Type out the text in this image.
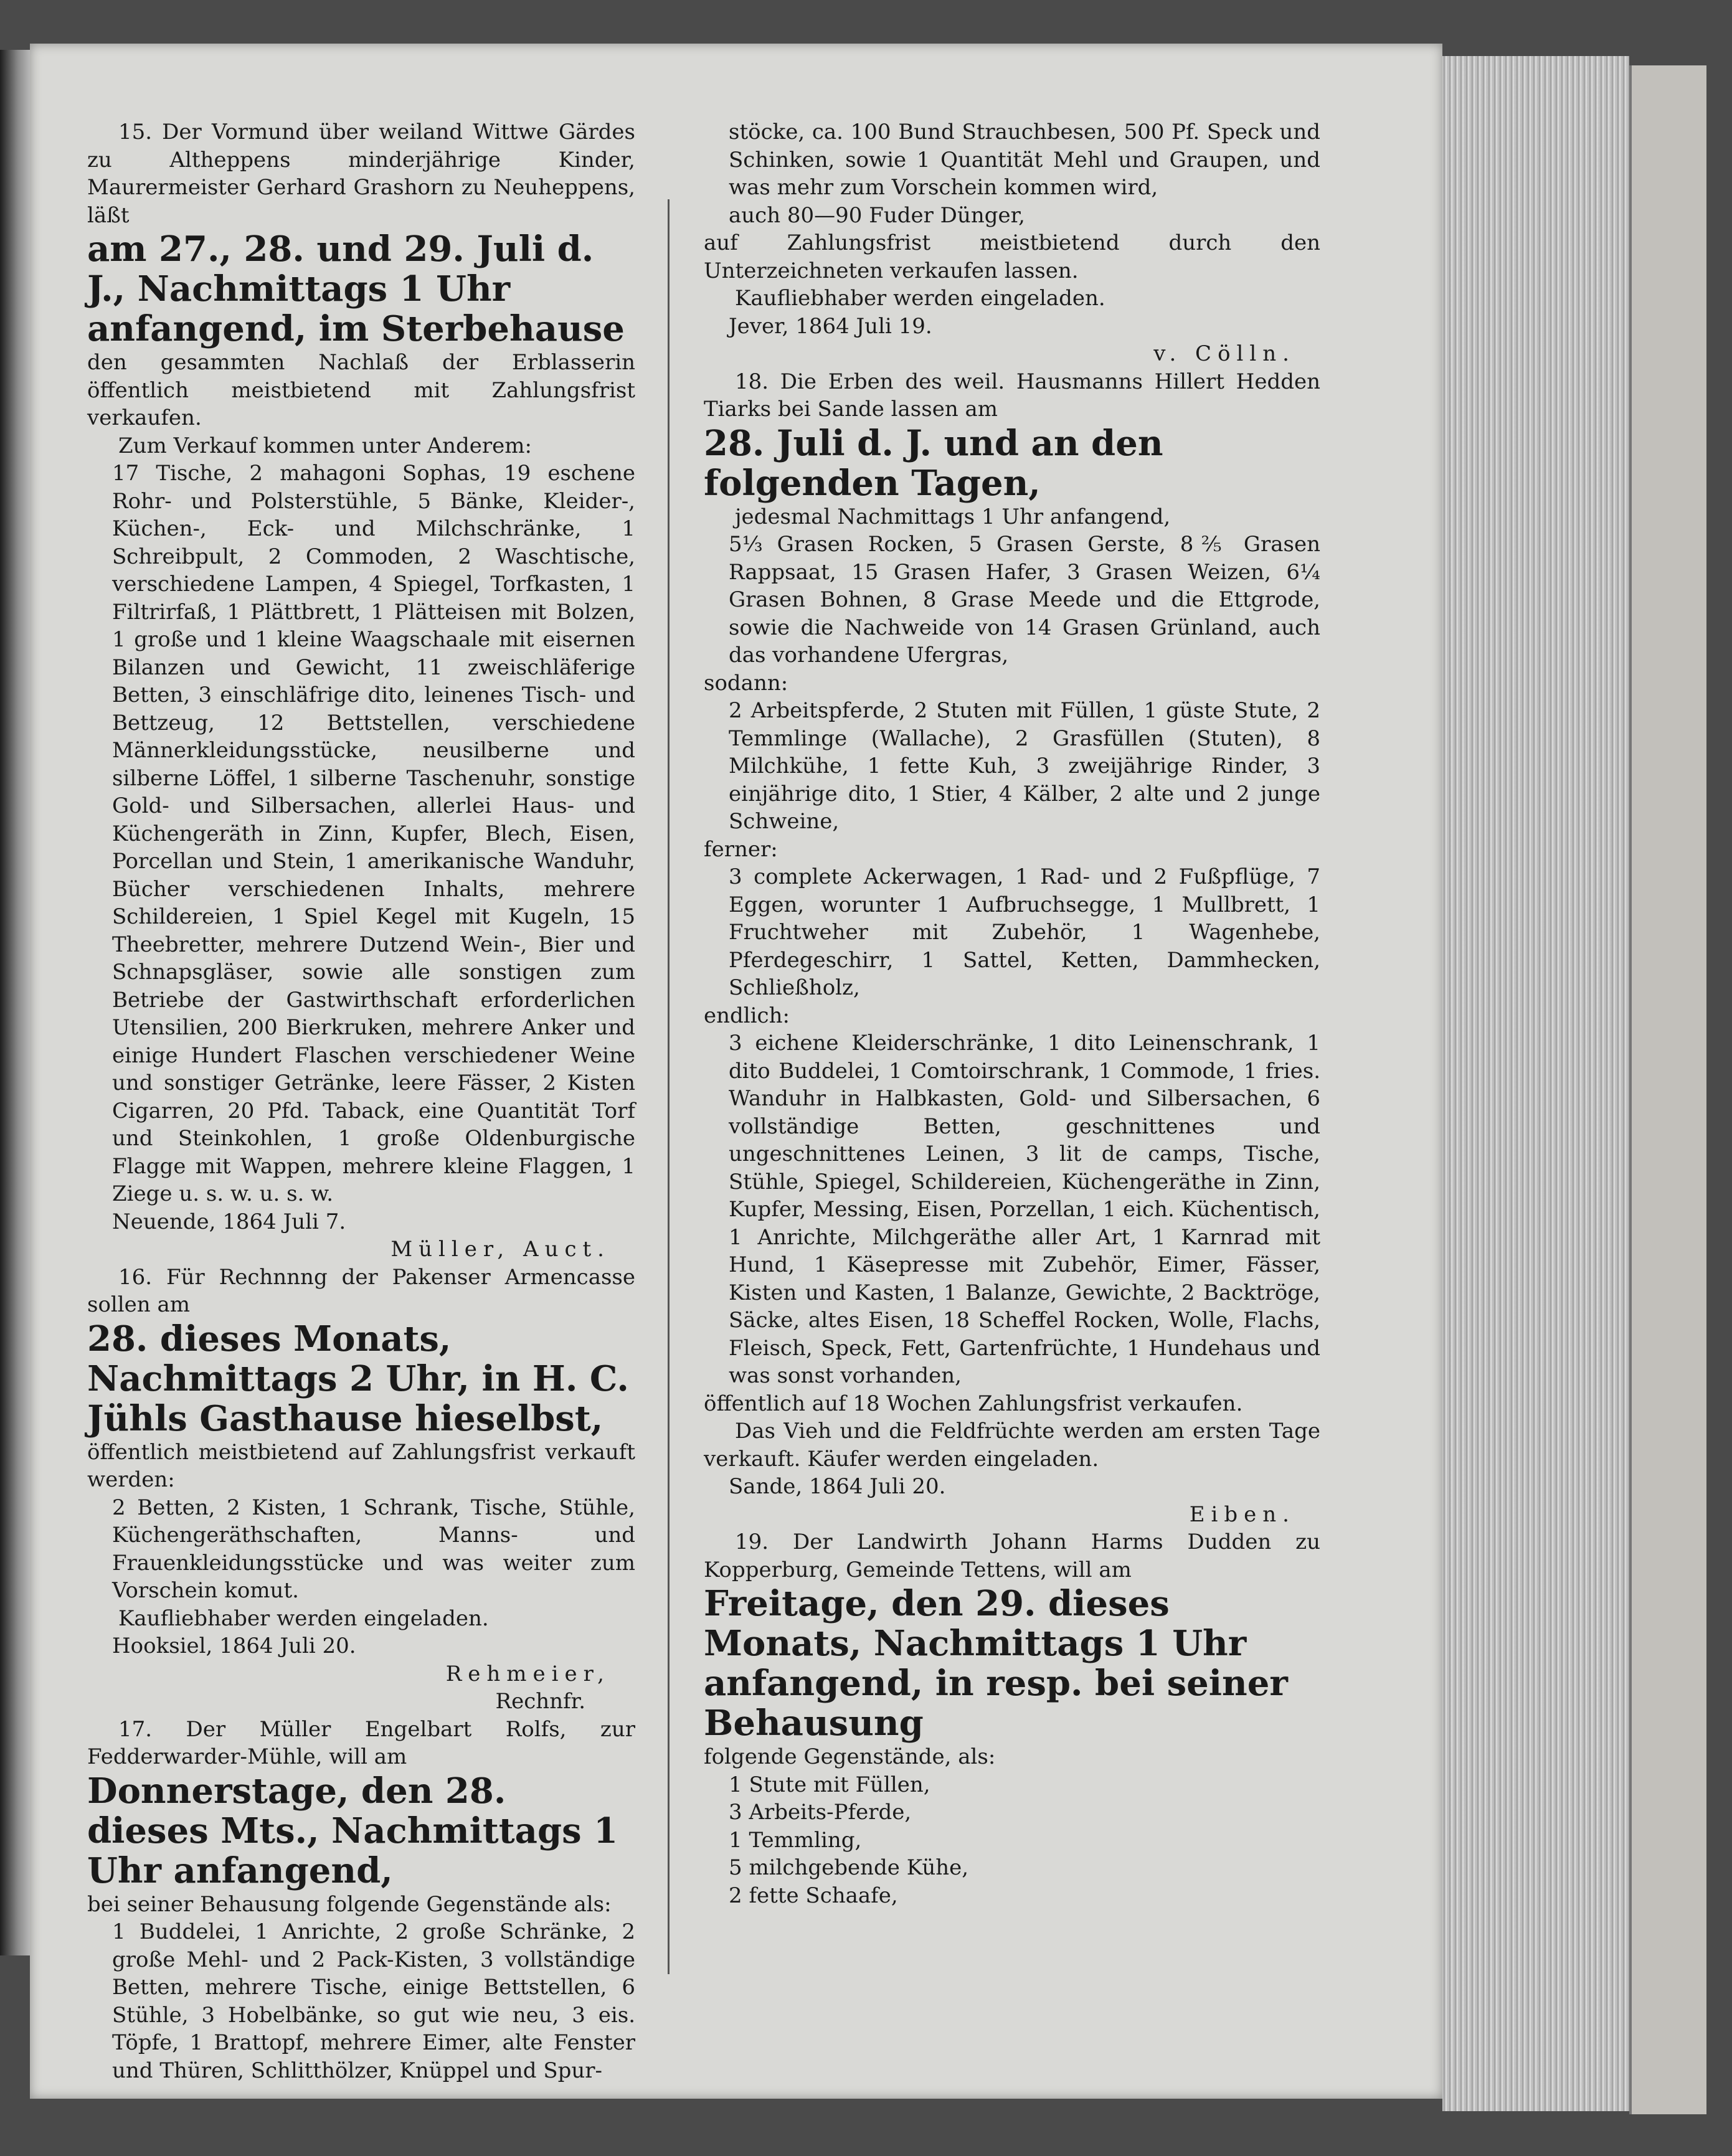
15. Der Vormund über weiland Wittwe Gärdes zu Altheppens minderjährige Kinder, Maurermeister Gerhard Grashorn zu Neuheppens, läßt

am 27., 28. und 29. Juli d. J., Nachmittags 1 Uhr anfangend, im Sterbehause

den gesammten Nachlaß der Erblasserin öffentlich meistbietend mit Zahlungsfrist verkaufen.

Zum Verkauf kommen unter Anderem:

17 Tische, 2 mahagoni Sophas, 19 eschene Rohr- und Polsterstühle, 5 Bänke, Kleider-, Küchen-, Eck- und Milchschränke, 1 Schreibpult, 2 Commoden, 2 Waschtische, verschiedene Lampen, 4 Spiegel, Torfkasten, 1 Filtrirfaß, 1 Plättbrett, 1 Plätteisen mit Bolzen, 1 große und 1 kleine Waagschaale mit eisernen Bilanzen und Gewicht, 11 zweischläferige Betten, 3 einschläfrige dito, leinenes Tisch- und Bettzeug, 12 Bettstellen, verschiedene Männerkleidungsstücke, neusilberne und silberne Löffel, 1 silberne Taschenuhr, sonstige Gold- und Silbersachen, allerlei Haus- und Küchengeräth in Zinn, Kupfer, Blech, Eisen, Porcellan und Stein, 1 amerikanische Wanduhr, Bücher verschiedenen Inhalts, mehrere Schildereien, 1 Spiel Kegel mit Kugeln, 15 Theebretter, mehrere Dutzend Wein-, Bier und Schnapsgläser, sowie alle sonstigen zum Betriebe der Gastwirthschaft erforderlichen Utensilien, 200 Bierkruken, mehrere Anker und einige Hundert Flaschen verschiedener Weine und sonstiger Getränke, leere Fässer, 2 Kisten Cigarren, 20 Pfd. Taback, eine Quantität Torf und Steinkohlen, 1 große Oldenburgische Flagge mit Wappen, mehrere kleine Flaggen, 1 Ziege u. s. w. u. s. w.

Neuende, 1864 Juli 7.

Müller, Auct.

16. Für Rechnnng der Pakenser Armencasse sollen am

28. dieses Monats, Nachmittags 2 Uhr, in H. C. Jühls Gasthause hieselbst,

öffentlich meistbietend auf Zahlungsfrist verkauft werden:

2 Betten, 2 Kisten, 1 Schrank, Tische, Stühle, Küchengeräthschaften, Manns- und Frauenkleidungsstücke und was weiter zum Vorschein komut.

Kaufliebhaber werden eingeladen.

Hooksiel, 1864 Juli 20.

Rehmeier,

Rechnfr.

17. Der Müller Engelbart Rolfs, zur Fedderwarder-Mühle, will am

Donnerstage, den 28. dieses Mts., Nachmittags 1 Uhr anfangend,

bei seiner Behausung folgende Gegenstände als:

1 Buddelei, 1 Anrichte, 2 große Schränke, 2 große Mehl- und 2 Pack-Kisten, 3 vollständige Betten, mehrere Tische, einige Bettstellen, 6 Stühle, 3 Hobelbänke, so gut wie neu, 3 eis. Töpfe, 1 Brattopf, mehrere Eimer, alte Fenster und Thüren, Schlitthölzer, Knüppel und Spur-

stöcke, ca. 100 Bund Strauchbesen, 500 Pf. Speck und Schinken, sowie 1 Quantität Mehl und Graupen, und was mehr zum Vorschein kommen wird,

auch 80—90 Fuder Dünger,

auf Zahlungsfrist meistbietend durch den Unterzeichneten verkaufen lassen.

Kaufliebhaber werden eingeladen.

Jever, 1864 Juli 19.

v. Cölln.

18. Die Erben des weil. Hausmanns Hillert Hedden Tiarks bei Sande lassen am

28. Juli d. J. und an den folgenden Tagen,

jedesmal Nachmittags 1 Uhr anfangend,

5⅓ Grasen Rocken, 5 Grasen Gerste, 8⅖ Grasen Rappsaat, 15 Grasen Hafer, 3 Grasen Weizen, 6¼ Grasen Bohnen, 8 Grase Meede und die Ettgrode, sowie die Nachweide von 14 Grasen Grünland, auch das vorhandene Ufergras,

sodann:

2 Arbeitspferde, 2 Stuten mit Füllen, 1 güste Stute, 2 Temmlinge (Wallache), 2 Grasfüllen (Stuten), 8 Milchkühe, 1 fette Kuh, 3 zweijährige Rinder, 3 einjährige dito, 1 Stier, 4 Kälber, 2 alte und 2 junge Schweine,

ferner:

3 complete Ackerwagen, 1 Rad- und 2 Fußpflüge, 7 Eggen, worunter 1 Aufbruchsegge, 1 Mullbrett, 1 Fruchtweher mit Zubehör, 1 Wagenhebe, Pferdegeschirr, 1 Sattel, Ketten, Dammhecken, Schließholz,

endlich:

3 eichene Kleiderschränke, 1 dito Leinenschrank, 1 dito Buddelei, 1 Comtoirschrank, 1 Commode, 1 fries. Wanduhr in Halbkasten, Gold- und Silbersachen, 6 vollständige Betten, geschnittenes und ungeschnittenes Leinen, 3 lit de camps, Tische, Stühle, Spiegel, Schildereien, Küchengeräthe in Zinn, Kupfer, Messing, Eisen, Porzellan, 1 eich. Küchentisch, 1 Anrichte, Milchgeräthe aller Art, 1 Karnrad mit Hund, 1 Käsepresse mit Zubehör, Eimer, Fässer, Kisten und Kasten, 1 Balanze, Gewichte, 2 Backtröge, Säcke, altes Eisen, 18 Scheffel Rocken, Wolle, Flachs, Fleisch, Speck, Fett, Gartenfrüchte, 1 Hundehaus und was sonst vorhanden,

öffentlich auf 18 Wochen Zahlungsfrist verkaufen.

Das Vieh und die Feldfrüchte werden am ersten Tage verkauft. Käufer werden eingeladen.

Sande, 1864 Juli 20.

Eiben.

19. Der Landwirth Johann Harms Dudden zu Kopperburg, Gemeinde Tettens, will am

Freitage, den 29. dieses Monats, Nachmittags 1 Uhr anfangend, in resp. bei seiner Behausung

folgende Gegenstände, als:

1 Stute mit Füllen,

3 Arbeits-Pferde,

1 Temmling,

5 milchgebende Kühe,

2 fette Schaafe,
